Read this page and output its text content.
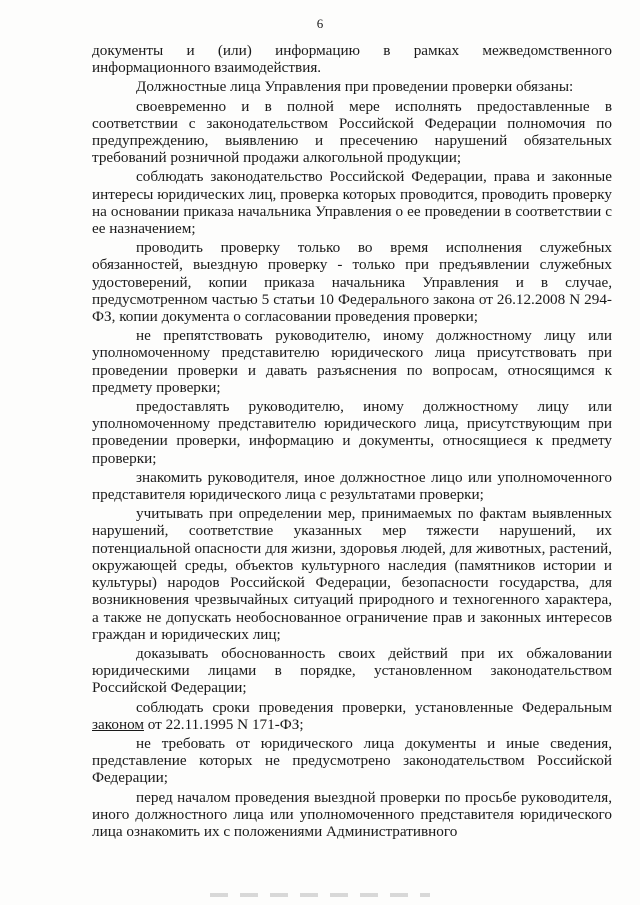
6

документы и (или) информацию в рамках межведомственного информационного взаимодействия.

Должностные лица Управления при проведении проверки обязаны:

своевременно и в полной мере исполнять предоставленные в соответствии с законодательством Российской Федерации полномочия по предупреждению, выявлению и пресечению нарушений обязательных требований розничной продажи алкогольной продукции;

соблюдать законодательство Российской Федерации, права и законные интересы юридических лиц, проверка которых проводится, проводить проверку на основании приказа начальника Управления о ее проведении в соответствии с ее назначением;

проводить проверку только во время исполнения служебных обязанностей, выездную проверку - только при предъявлении служебных удостоверений, копии приказа начальника Управления и в случае, предусмотренном частью 5 статьи 10 Федерального закона от 26.12.2008 N 294-ФЗ, копии документа о согласовании проведения проверки;

не препятствовать руководителю, иному должностному лицу или уполномоченному представителю юридического лица присутствовать при проведении проверки и давать разъяснения по вопросам, относящимся к предмету проверки;

предоставлять руководителю, иному должностному лицу или уполномоченному представителю юридического лица, присутствующим при проведении проверки, информацию и документы, относящиеся к предмету проверки;

знакомить руководителя, иное должностное лицо или уполномоченного представителя юридического лица с результатами проверки;

учитывать при определении мер, принимаемых по фактам выявленных нарушений, соответствие указанных мер тяжести нарушений, их потенциальной опасности для жизни, здоровья людей, для животных, растений, окружающей среды, объектов культурного наследия (памятников истории и культуры) народов Российской Федерации, безопасности государства, для возникновения чрезвычайных ситуаций природного и техногенного характера, а также не допускать необоснованное ограничение прав и законных интересов граждан и юридических лиц;

доказывать обоснованность своих действий при их обжаловании юридическими лицами в порядке, установленном законодательством Российской Федерации;

соблюдать сроки проведения проверки, установленные Федеральным законом от 22.11.1995 N 171-ФЗ;

не требовать от юридического лица документы и иные сведения, представление которых не предусмотрено законодательством Российской Федерации;

перед началом проведения выездной проверки по просьбе руководителя, иного должностного лица или уполномоченного представителя юридического лица ознакомить их с положениями Административного
